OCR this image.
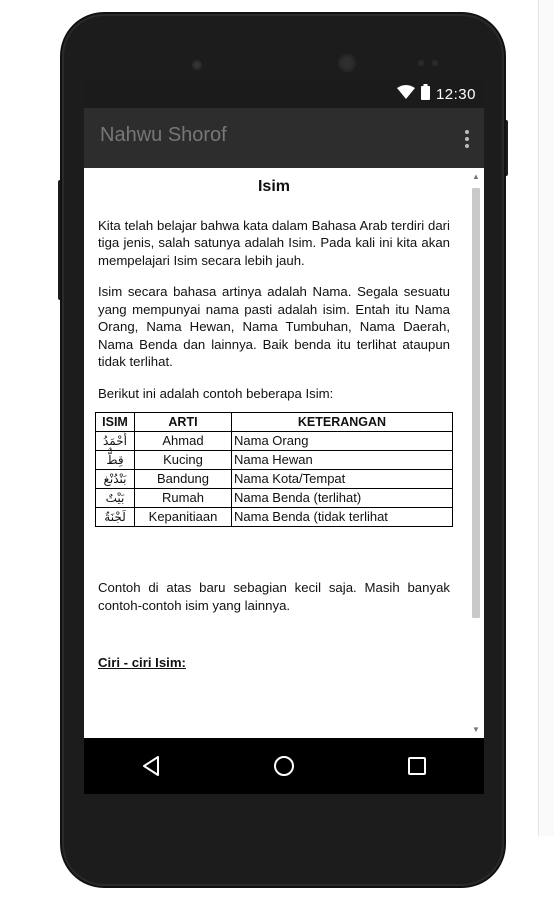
12:30
Nahwu Shorof
Isim

Kita telah belajar bahwa kata dalam Bahasa Arab terdiri dari tiga jenis, salah satunya adalah Isim. Pada kali ini kita akan mempelajari Isim secara lebih jauh.

Isim secara bahasa artinya adalah Nama. Segala sesuatu yang mempunyai nama pasti adalah isim. Entah itu Nama Orang, Nama Hewan, Nama Tumbuhan, Nama Daerah, Nama Benda dan lainnya. Baik benda itu terlihat ataupun tidak terlihat.

Berikut ini adalah contoh beberapa Isim:

ISIM	ARTI	KETERANGAN
أَحْمَدُ	Ahmad	Nama Orang
قِطٌّ	Kucing	Nama Hewan
بَنْدُنْغ	Bandung	Nama Kota/Tempat
بَيْتٌ	Rumah	Nama Benda (terlihat)
لَجْنَةٌ	Kepanitiaan	Nama Benda (tidak terlihat

Contoh di atas baru sebagian kecil saja. Masih banyak contoh-contoh isim yang lainnya.

Ciri - ciri Isim:

▲
▼
